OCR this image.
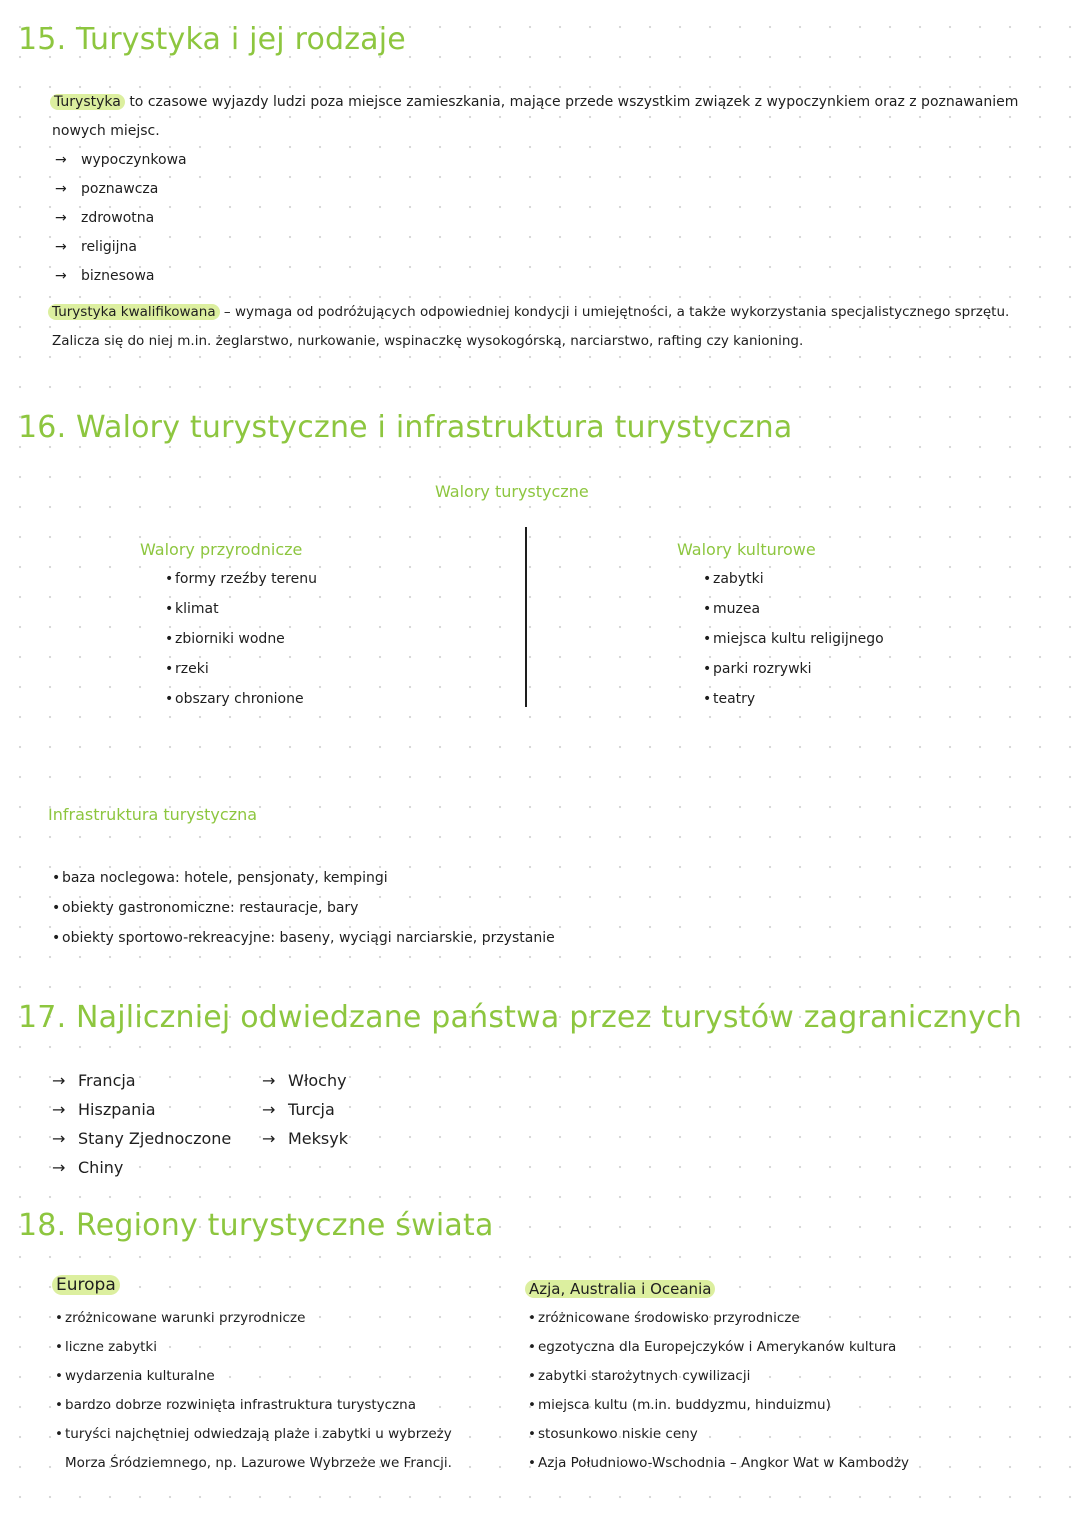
15. Turystyka i jej rodzaje
Turystyka to czasowe wyjazdy ludzi poza miejsce zamieszkania, mające przede wszystkim związek z wypoczynkiem oraz z poznawaniem
nowych miejsc.
→ wypoczynkowa
→ poznawcza
→ zdrowotna
→ religijna
→ biznesowa
Turystyka kwalifikowana – wymaga od podróżujących odpowiedniej kondycji i umiejętności, a także wykorzystania specjalistycznego sprzętu.
Zalicza się do niej m.in. żeglarstwo, nurkowanie, wspinaczkę wysokogórską, narciarstwo, rafting czy kanioning.
16. Walory turystyczne i infrastruktura turystyczna
Walory turystyczne
Walory przyrodnicze
• formy rzeźby terenu
• klimat
• zbiorniki wodne
• rzeki
• obszary chronione
Walory kulturowe
• zabytki
• muzea
• miejsca kultu religijnego
• parki rozrywki
• teatry
Infrastruktura turystyczna
• baza noclegowa: hotele, pensjonaty, kempingi
• obiekty gastronomiczne: restauracje, bary
• obiekty sportowo-rekreacyjne: baseny, wyciągi narciarskie, przystanie
17. Najliczniej odwiedzane państwa przez turystów zagranicznych
→ Francja
→ Hiszpania
→ Stany Zjednoczone
→ Chiny
→ Włochy
→ Turcja
→ Meksyk
18. Regiony turystyczne świata
Europa
• zróżnicowane warunki przyrodnicze
• liczne zabytki
• wydarzenia kulturalne
• bardzo dobrze rozwinięta infrastruktura turystyczna
• turyści najchętniej odwiedzają plaże i zabytki u wybrzeży
Morza Śródziemnego, np. Lazurowe Wybrzeże we Francji.
Azja, Australia i Oceania
• zróżnicowane środowisko przyrodnicze
• egzotyczna dla Europejczyków i Amerykanów kultura
• zabytki starożytnych cywilizacji
• miejsca kultu (m.in. buddyzmu, hinduizmu)
• stosunkowo niskie ceny
• Azja Południowo-Wschodnia – Angkor Wat w Kambodży
